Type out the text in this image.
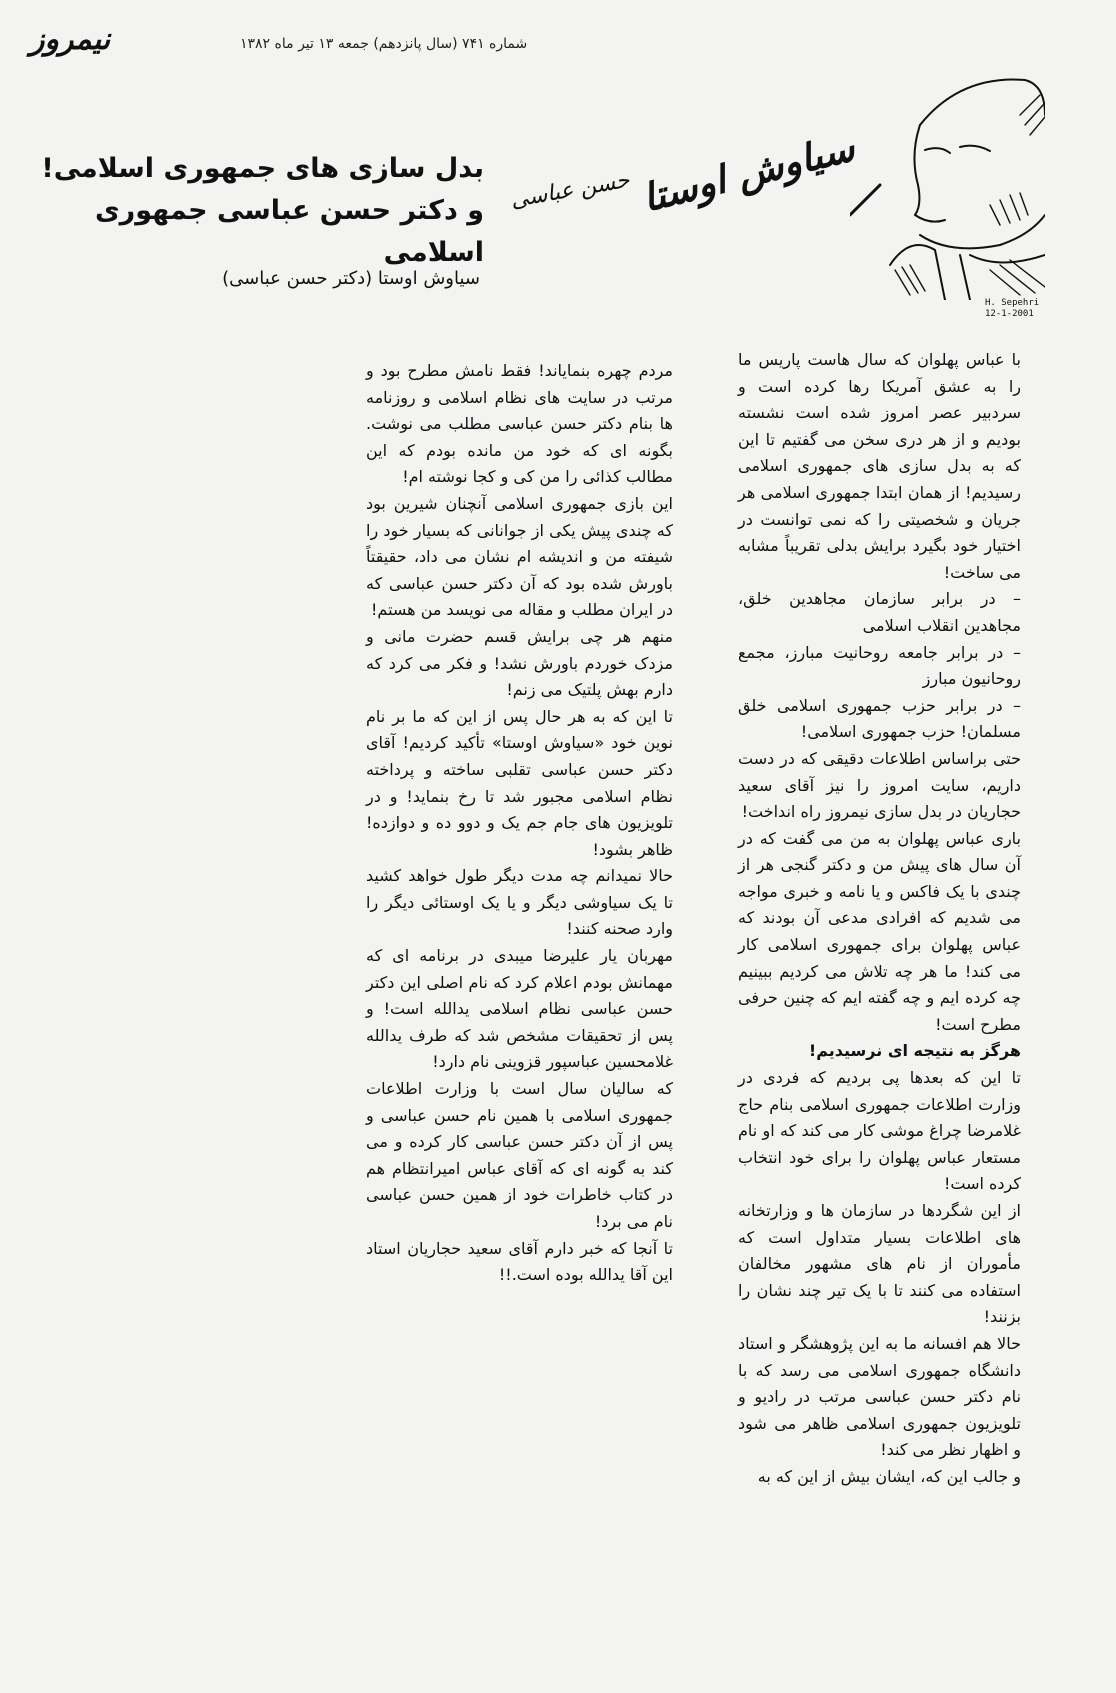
نیمروز	شماره ۷۴۱ (سال پانزدهم) جمعه ۱۳ تیر ماه ۱۳۸۲
بدل سازی های جمهوری اسلامی!
و دکتر حسن عباسی جمهوری اسلامی
سیاوش اوستا (دکتر حسن عباسی)
سیاوش اوستا
حسن عباسی
H. Sepehri
12-1-2001

با عباس پهلوان که سال هاست پاریس ما را به عشق آمریکا رها کرده است و سردبیر عصر امروز شده است نشسته بودیم و از هر دری سخن می گفتیم تا این که به بدل سازی های جمهوری اسلامی رسیدیم! از همان ابتدا جمهوری اسلامی هر جریان و شخصیتی را که نمی توانست در اختیار خود بگیرد برایش بدلی تقریباً مشابه می ساخت!

– در برابر سازمان مجاهدین خلق، مجاهدین انقلاب اسلامی

– در برابر جامعه روحانیت مبارز، مجمع روحانیون مبارز

– در برابر حزب جمهوری اسلامی خلق مسلمان! حزب جمهوری اسلامی!

حتی براساس اطلاعات دقیقی که در دست داریم، سایت امروز را نیز آقای سعید حجاریان در بدل سازی نیمروز راه انداخت!

باری عباس پهلوان به من می گفت که در آن سال های پیش من و دکتر گنجی هر از چندی با یک فاکس و یا نامه و خبری مواجه می شدیم که افرادی مدعی آن بودند که عباس پهلوان برای جمهوری اسلامی کار می کند! ما هر چه تلاش می کردیم ببینیم چه کرده ایم و چه گفته ایم که چنین حرفی مطرح است!

هرگز به نتیجه ای نرسیدیم!

تا این که بعدها پی بردیم که فردی در وزارت اطلاعات جمهوری اسلامی بنام حاج غلامرضا چراغ موشی کار می کند که او نام مستعار عباس پهلوان را برای خود انتخاب کرده است!

از این شگردها در سازمان ها و وزارتخانه های اطلاعات بسیار متداول است که مأموران از نام های مشهور مخالفان استفاده می کنند تا با یک تیر چند نشان را بزنند!

حالا هم افسانه ما به این پژوهشگر و استاد دانشگاه جمهوری اسلامی می رسد که با نام دکتر حسن عباسی مرتب در رادیو و تلویزیون جمهوری اسلامی ظاهر می شود و اظهار نظر می کند!

و جالب این که، ایشان بیش از این که به

مردم چهره بنمایاند! فقط نامش مطرح بود و مرتب در سایت های نظام اسلامی و روزنامه ها بنام دکتر حسن عباسی مطلب می نوشت. بگونه ای که خود من مانده بودم که این مطالب کذائی را من کی و کجا نوشته ام!

این بازی جمهوری اسلامی آنچنان شیرین بود که چندی پیش یکی از جوانانی که بسیار خود را شیفته من و اندیشه ام نشان می داد، حقیقتاً باورش شده بود که آن دکتر حسن عباسی که در ایران مطلب و مقاله می نویسد من هستم!

منهم هر چی برایش قسم حضرت مانی و مزدک خوردم باورش نشد! و فکر می کرد که دارم بهش پلتیک می زنم!

تا این که به هر حال پس از این که ما بر نام نوین خود «سیاوش اوستا» تأکید کردیم! آقای دکتر حسن عباسی تقلبی ساخته و پرداخته نظام اسلامی مجبور شد تا رخ بنماید! و در تلویزیون های جام جم یک و دوو ده و دوازده! ظاهر بشود!

حالا نمیدانم چه مدت دیگر طول خواهد کشید تا یک سیاوشی دیگر و یا یک اوستائی دیگر را وارد صحنه کنند!

مهربان یار علیرضا میبدی در برنامه ای که مهمانش بودم اعلام کرد که نام اصلی این دکتر حسن عباسی نظام اسلامی یدالله است! و پس از تحقیقات مشخص شد که طرف یدالله غلامحسین عباسپور قزوینی نام دارد!

که سالیان سال است با وزارت اطلاعات جمهوری اسلامی با همین نام حسن عباسی و پس از آن دکتر حسن عباسی کار کرده و می کند به گونه ای که آقای عباس امیرانتظام هم در کتاب خاطرات خود از همین حسن عباسی نام می برد!

تا آنجا که خبر دارم آقای سعید حجاریان استاد این آقا یدالله بوده است.!!
